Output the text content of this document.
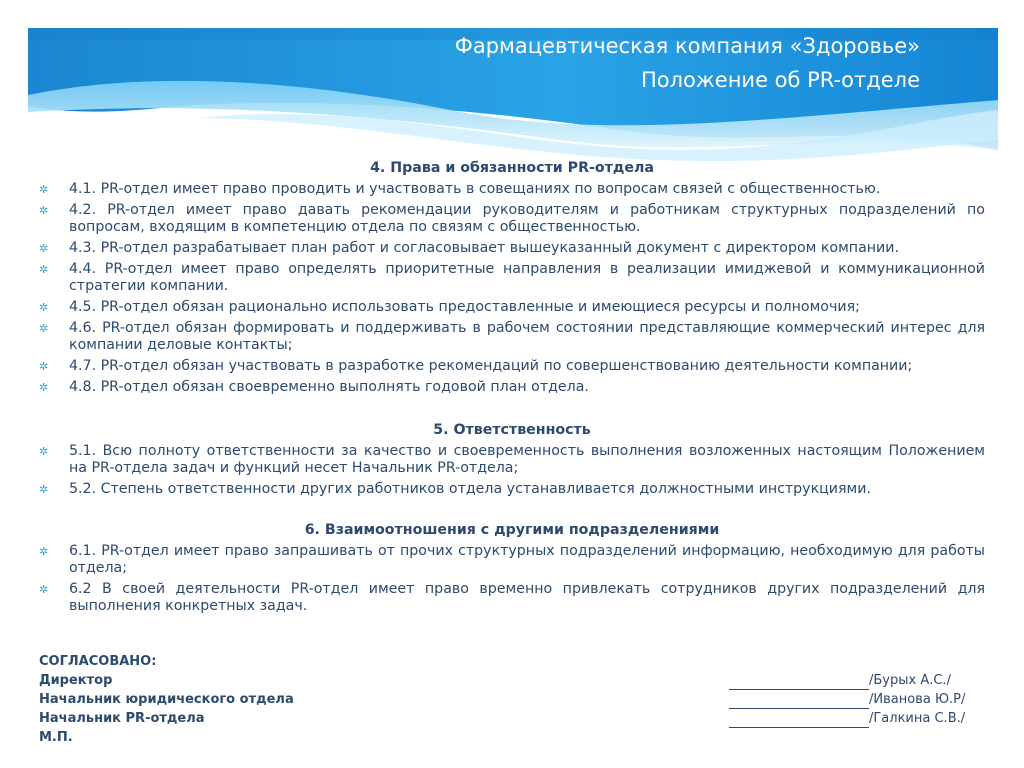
Фармацевтическая компания «Здоровье»
Положение об PR-отделе
4. Права и обязанности PR-отдела
✲ 4.1. PR-отдел имеет право проводить и участвовать в совещаниях по вопросам связей с общественностью.
✲ 4.2. PR-отдел имеет право давать рекомендации руководителям и работникам структурных подразделений по вопросам, входящим в компетенцию отдела по связям с общественностью.
✲ 4.3. PR-отдел разрабатывает план работ и согласовывает вышеуказанный документ с директором компании.
✲ 4.4. PR-отдел имеет право определять приоритетные направления в реализации имиджевой и коммуникационной стратегии компании.
✲ 4.5. PR-отдел обязан рационально использовать предоставленные и имеющиеся ресурсы и полномочия;
✲ 4.6. PR-отдел обязан формировать и поддерживать в рабочем состоянии представляющие коммерческий интерес для компании деловые контакты;
✲ 4.7. PR-отдел обязан участвовать в разработке рекомендаций по совершенствованию деятельности компании;
✲ 4.8. PR-отдел обязан своевременно выполнять годовой план отдела.
5. Ответственность
✲ 5.1. Всю полноту ответственности за качество и своевременность выполнения возложенных настоящим Положением на PR-отдела задач и функций несет Начальник PR-отдела;
✲ 5.2. Степень ответственности других работников отдела устанавливается должностными инструкциями.
6. Взаимоотношения с другими подразделениями
✲ 6.1. PR-отдел имеет право запрашивать от прочих структурных подразделений информацию, необходимую для работы отдела;
✲ 6.2 В своей деятельности PR-отдел имеет право временно привлекать сотрудников других подразделений для выполнения конкретных задач.
СОГЛАСОВАНО:
Директор	/Бурых А.С./
Начальник юридического отдела	/Иванова Ю.Р/
Начальник PR-отдела	/Галкина С.В./
М.П.
